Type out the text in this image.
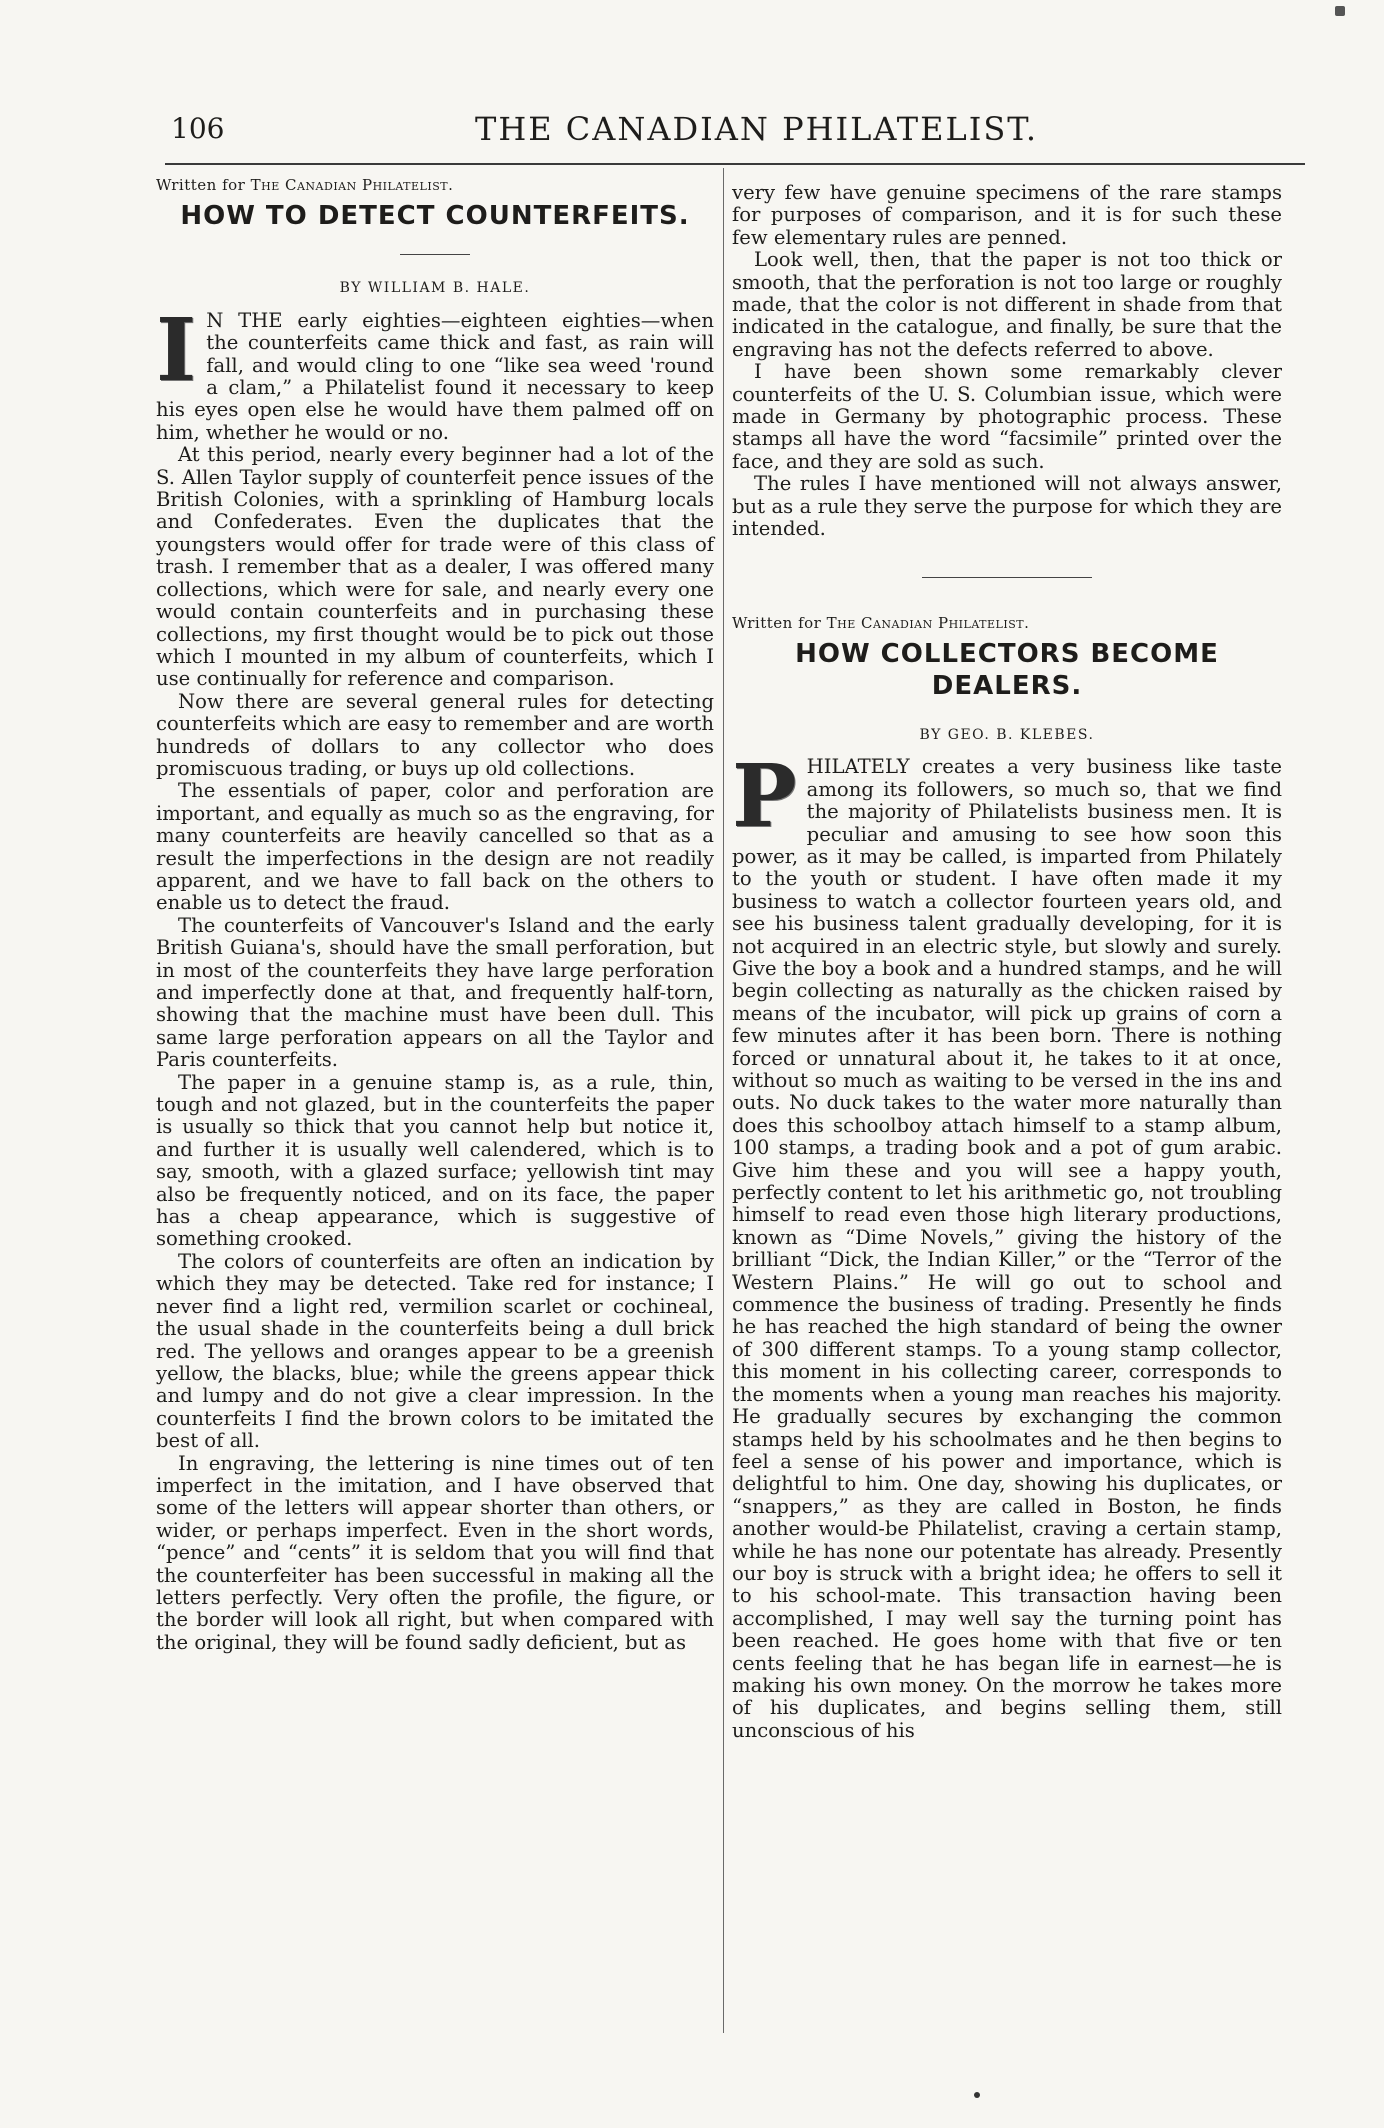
106	THE CANADIAN PHILATELIST.
Written for The Canadian Philatelist.
HOW TO DETECT COUNTERFEITS.
BY WILLIAM B. HALE.

I N THE early eighties—eighteen eighties—when the counterfeits came thick and fast, as rain will fall, and would cling to one “like sea weed 'round a clam,” a Philatelist found it necessary to keep his eyes open else he would have them palmed off on him, whether he would or no.

At this period, nearly every beginner had a lot of the S. Allen Taylor supply of counterfeit pence issues of the British Colonies, with a sprinkling of Hamburg locals and Confederates. Even the duplicates that the youngsters would offer for trade were of this class of trash. I remember that as a dealer, I was offered many collections, which were for sale, and nearly every one would contain counterfeits and in purchasing these collections, my first thought would be to pick out those which I mounted in my album of counterfeits, which I use continually for reference and comparison.

Now there are several general rules for detecting counterfeits which are easy to remember and are worth hundreds of dollars to any collector who does promiscuous trading, or buys up old collections.

The essentials of paper, color and perforation are important, and equally as much so as the engraving, for many counterfeits are heavily cancelled so that as a result the imperfections in the design are not readily apparent, and we have to fall back on the others to enable us to detect the fraud.

The counterfeits of Vancouver's Island and the early British Guiana's, should have the small perforation, but in most of the counterfeits they have large perforation and imperfectly done at that, and frequently half-torn, showing that the machine must have been dull. This same large perforation appears on all the Taylor and Paris counterfeits.

The paper in a genuine stamp is, as a rule, thin, tough and not glazed, but in the counterfeits the paper is usually so thick that you cannot help but notice it, and further it is usually well calendered, which is to say, smooth, with a glazed surface; yellowish tint may also be frequently noticed, and on its face, the paper has a cheap appearance, which is suggestive of something crooked.

The colors of counterfeits are often an indication by which they may be detected. Take red for instance; I never find a light red, vermilion scarlet or cochineal, the usual shade in the counterfeits being a dull brick red. The yellows and oranges appear to be a greenish yellow, the blacks, blue; while the greens appear thick and lumpy and do not give a clear impression. In the counterfeits I find the brown colors to be imitated the best of all.

In engraving, the lettering is nine times out of ten imperfect in the imitation, and I have observed that some of the letters will appear shorter than others, or wider, or perhaps imperfect. Even in the short words, “pence” and “cents” it is seldom that you will find that the counterfeiter has been successful in making all the letters perfectly. Very often the profile, the figure, or the border will look all right, but when compared with the original, they will be found sadly deficient, but as

very few have genuine specimens of the rare stamps for purposes of comparison, and it is for such these few elementary rules are penned.

Look well, then, that the paper is not too thick or smooth, that the perforation is not too large or roughly made, that the color is not different in shade from that indicated in the catalogue, and finally, be sure that the engraving has not the defects referred to above.

I have been shown some remarkably clever counterfeits of the U. S. Columbian issue, which were made in Germany by photographic process. These stamps all have the word “facsimile” printed over the face, and they are sold as such.

The rules I have mentioned will not always answer, but as a rule they serve the purpose for which they are intended.

Written for The Canadian Philatelist.
HOW COLLECTORS BECOME DEALERS.
BY GEO. B. KLEBES.

PHILATELY creates a very business like taste among its followers, so much so, that we find the majority of Philatelists business men. It is peculiar and amusing to see how soon this power, as it may be called, is imparted from Philately to the youth or student. I have often made it my business to watch a collector fourteen years old, and see his business talent gradually developing, for it is not acquired in an electric style, but slowly and surely. Give the boy a book and a hundred stamps, and he will begin collecting as naturally as the chicken raised by means of the incubator, will pick up grains of corn a few minutes after it has been born. There is nothing forced or unnatural about it, he takes to it at once, without so much as waiting to be versed in the ins and outs. No duck takes to the water more naturally than does this schoolboy attach himself to a stamp album, 100 stamps, a trading book and a pot of gum arabic. Give him these and you will see a happy youth, perfectly content to let his arithmetic go, not troubling himself to read even those high literary productions, known as “Dime Novels,” giving the history of the brilliant “Dick, the Indian Killer,” or the “Terror of the Western Plains.” He will go out to school and commence the business of trading. Presently he finds he has reached the high standard of being the owner of 300 different stamps. To a young stamp collector, this moment in his collecting career, corresponds to the moments when a young man reaches his majority. He gradually secures by exchanging the common stamps held by his schoolmates and he then begins to feel a sense of his power and importance, which is delightful to him. One day, showing his duplicates, or “snappers,” as they are called in Boston, he finds another would-be Philatelist, craving a certain stamp, while he has none our potentate has already. Presently our boy is struck with a bright idea; he offers to sell it to his school-mate. This transaction having been accomplished, I may well say the turning point has been reached. He goes home with that five or ten cents feeling that he has began life in earnest—he is making his own money. On the morrow he takes more of his duplicates, and begins selling them, still unconscious of his
